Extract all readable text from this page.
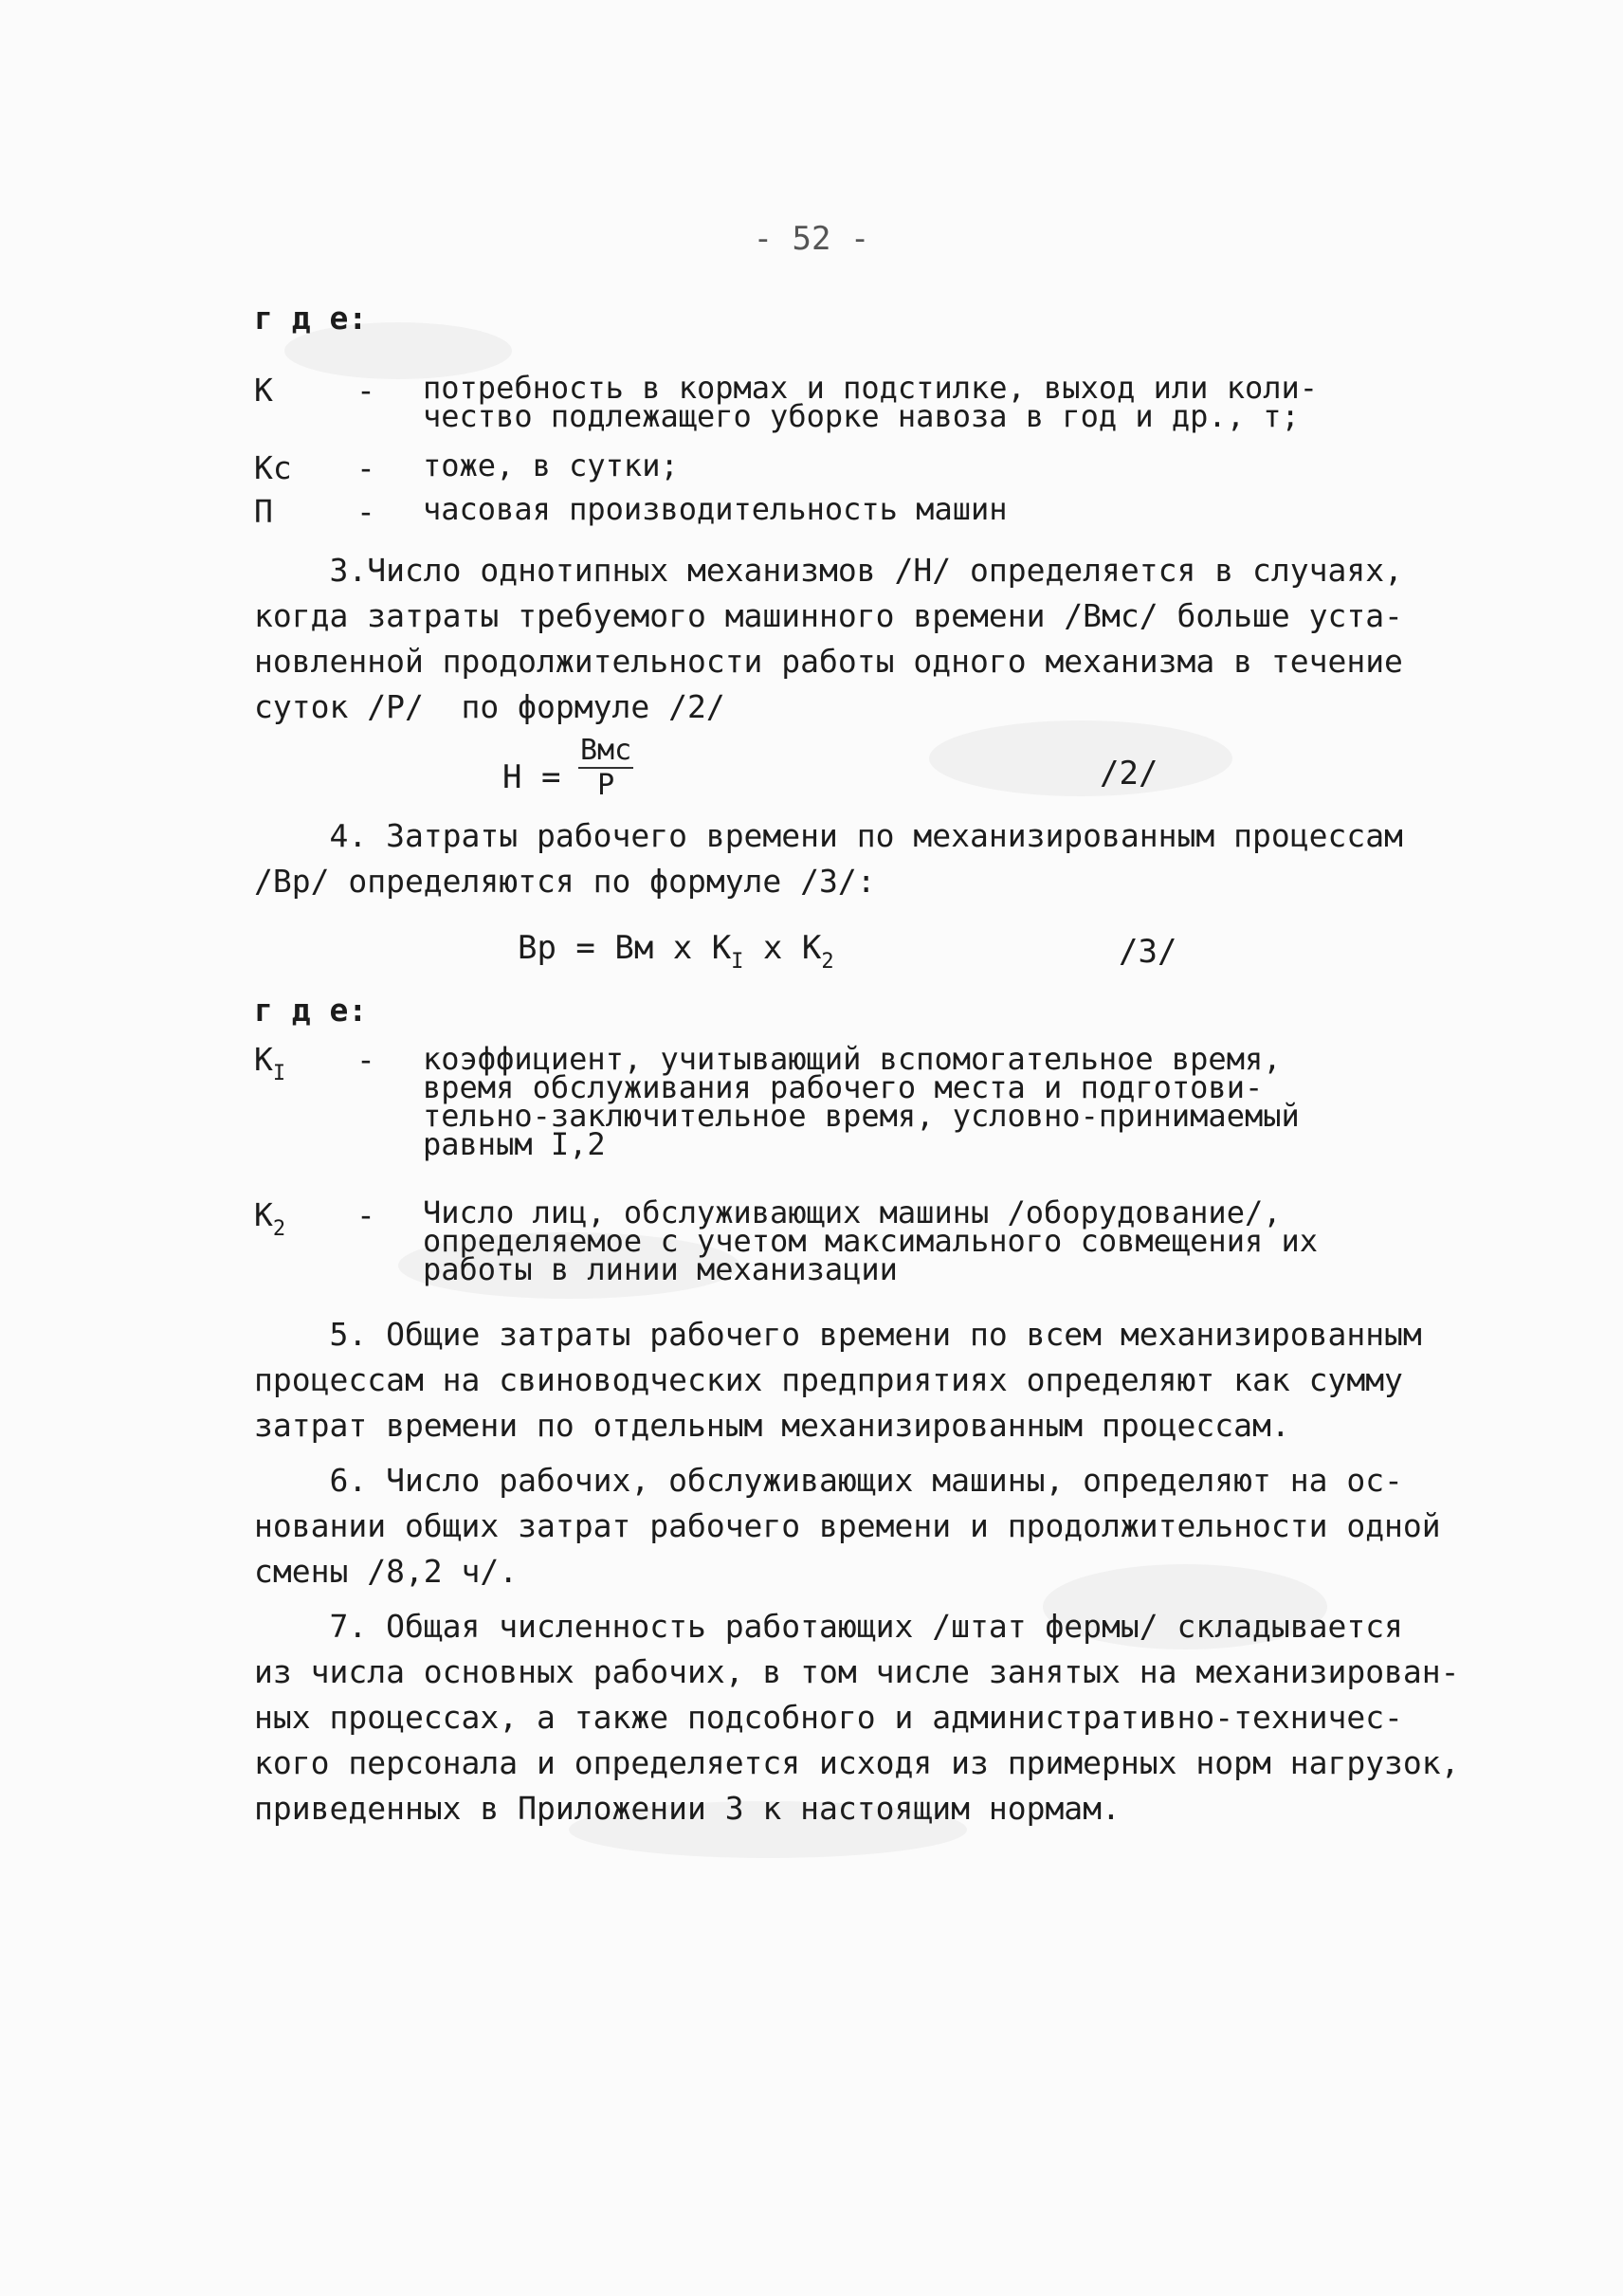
- 52 -
г д е:
К	- потребность в кормах и подстилке, выход или коли-
чество подлежащего уборке навоза в год и др., т;
Кс - тоже, в сутки;
П	- часовая производительность машин
3.Число однотипных механизмов /Н/ определяется в случаях,
когда затраты требуемого машинного времени /Вмс/ больше уста-
новленной продолжительности работы одного механизма в течение
суток /Р/  по формуле /2/
Н =
Вмс
Р	/2/
4. Затраты рабочего времени по механизированным процессам
/Вр/ определяются по формуле /3/:
Вр = Вм х $К_I$ х $К_2$	/3/
г д е:
$К_I$ - коэффициент, учитывающий вспомогательное время,
время обслуживания рабочего места и подготови-
тельно-заключительное время, условно-принимаемый
равным I,2
$К_2$ - Число лиц, обслуживающих машины /оборудование/,
определяемое с учетом максимального совмещения их
работы в линии механизации
5. Общие затраты рабочего времени по всем механизированным
процессам на свиноводческих предприятиях определяют как сумму
затрат времени по отдельным механизированным процессам.
6. Число рабочих, обслуживающих машины, определяют на ос-
новании общих затрат рабочего времени и продолжительности одной
смены /8,2 ч/.
7. Общая численность работающих /штат фермы/ складывается
из числа основных рабочих, в том числе занятых на механизирован-
ных процессах, а также подсобного и административно-техничес-
кого персонала и определяется исходя из примерных норм нагрузок,
приведенных в Приложении 3 к настоящим нормам.
